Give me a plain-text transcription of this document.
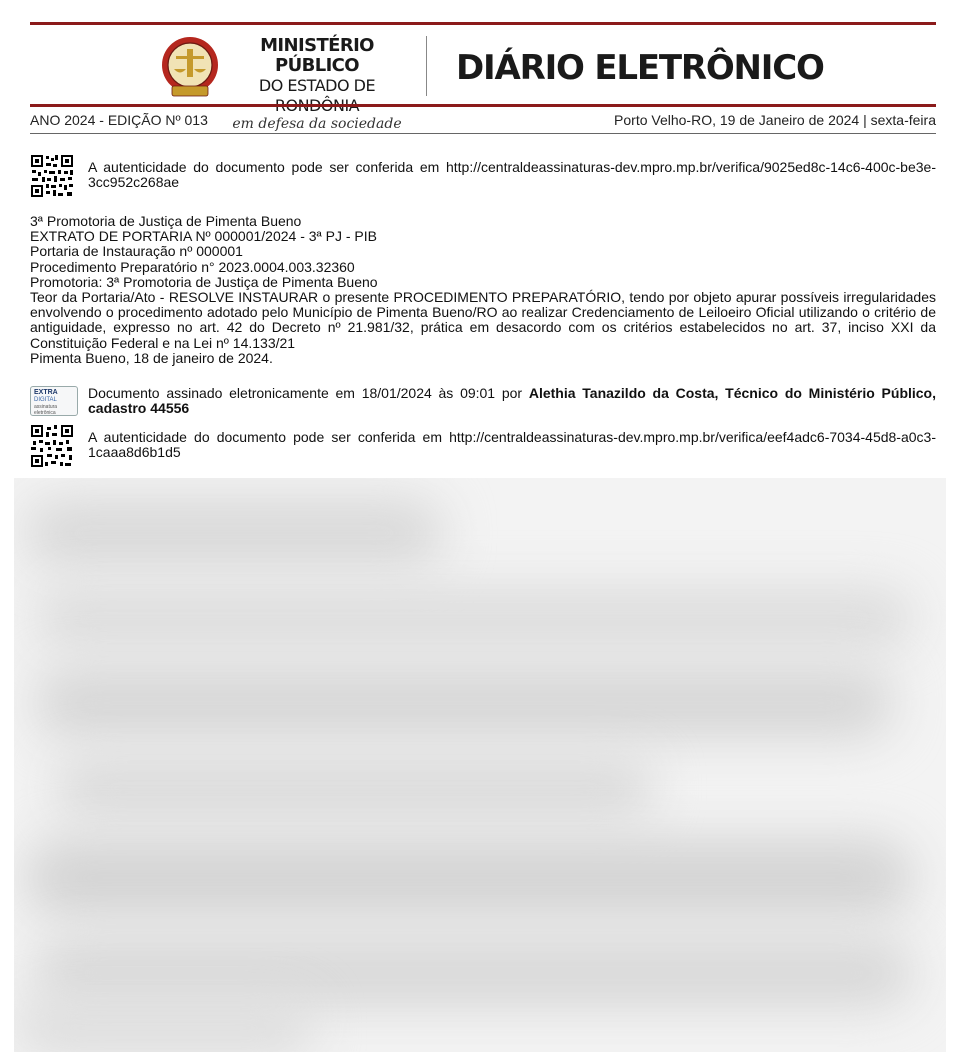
MINISTÉRIO PÚBLICO
DO ESTADO DE
em defesa da sociedade
DIÁRIO ELETRÔNICO
ANO 2024 - EDIÇÃO Nº 013	Porto Velho-RO, 19 de Janeiro de 2024 | sexta-feira
A autenticidade do documento pode ser conferida em http://centraldeassinaturas-dev.mpro.mp.br/verifica/9025ed8c-14c6-400c-be3e-3cc952c268ae
3ª Promotoria de Justiça de Pimenta Bueno
EXTRATO DE PORTARIA Nº 000001/2024 - 3ª PJ - PIB
Portaria de Instauração nº 000001
Procedimento Preparatório n° 2023.0004.003.32360
Promotoria: 3ª Promotoria de Justiça de Pimenta Bueno
Teor da Portaria/Ato - RESOLVE INSTAURAR o presente PROCEDIMENTO PREPARATÓRIO, tendo por objeto apurar possíveis irregularidades envolvendo o procedimento adotado pelo Município de Pimenta Bueno/RO ao realizar Credenciamento de Leiloeiro Oficial utilizando o critério de antiguidade, expresso no art. 42 do Decreto nº 21.981/32, prática em desacordo com os critérios estabelecidos no art. 37, inciso XXI da Constituição Federal e na Lei nº 14.133/21
Pimenta Bueno, 18 de janeiro de 2024.
EXTRA
DIGITAL
assinatura eletrônica
Documento assinado eletronicamente em 18/01/2024 às 09:01 por Alethia Tanazildo da Costa, Técnico do Ministério Público, cadastro 44556
A autenticidade do documento pode ser conferida em http://centraldeassinaturas-dev.mpro.mp.br/verifica/eef4adc6-7034-45d8-a0c3-1caaa8d6b1d5
